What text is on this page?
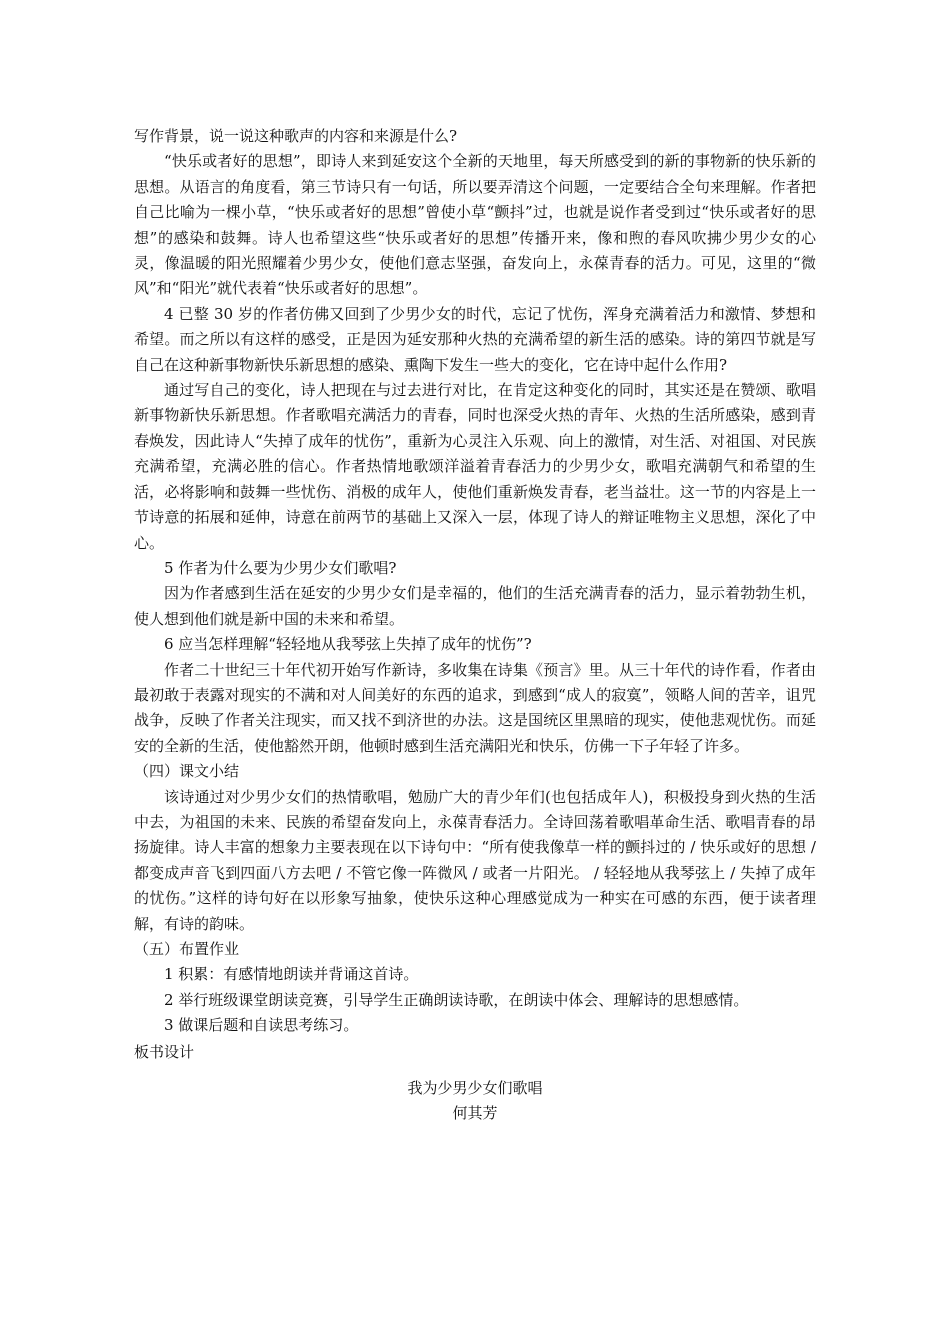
写作背景，说一说这种歌声的内容和来源是什么?

“快乐或者好的思想”，即诗人来到延安这个全新的天地里，每天所感受到的新的事物新的快乐新的思想。从语言的角度看，第三节诗只有一句话，所以要弄清这个问题，一定要结合全句来理解。作者把自己比喻为一棵小草，“快乐或者好的思想”曾使小草“颤抖”过，也就是说作者受到过“快乐或者好的思想”的感染和鼓舞。诗人也希望这些“快乐或者好的思想”传播开来，像和煦的春风吹拂少男少女的心灵，像温暖的阳光照耀着少男少女，使他们意志坚强，奋发向上，永葆青春的活力。可见，这里的“微风”和“阳光”就代表着“快乐或者好的思想”。

4 已整 30 岁的作者仿佛又回到了少男少女的时代，忘记了忧伤，浑身充满着活力和激情、梦想和希望。而之所以有这样的感受，正是因为延安那种火热的充满希望的新生活的感染。诗的第四节就是写自己在这种新事物新快乐新思想的感染、熏陶下发生一些大的变化，它在诗中起什么作用?

通过写自己的变化，诗人把现在与过去进行对比，在肯定这种变化的同时，其实还是在赞颂、歌唱新事物新快乐新思想。作者歌唱充满活力的青春，同时也深受火热的青年、火热的生活所感染，感到青春焕发，因此诗人“失掉了成年的忧伤”，重新为心灵注入乐观、向上的激情，对生活、对祖国、对民族充满希望，充满必胜的信心。作者热情地歌颂洋溢着青春活力的少男少女，歌唱充满朝气和希望的生活，必将影响和鼓舞一些忧伤、消极的成年人，使他们重新焕发青春，老当益壮。这一节的内容是上一节诗意的拓展和延伸，诗意在前两节的基础上又深入一层，体现了诗人的辩证唯物主义思想，深化了中心。

5 作者为什么要为少男少女们歌唱?

因为作者感到生活在延安的少男少女们是幸福的，他们的生活充满青春的活力，显示着勃勃生机，使人想到他们就是新中国的未来和希望。

6 应当怎样理解“轻轻地从我琴弦上失掉了成年的忧伤”?

作者二十世纪三十年代初开始写作新诗，多收集在诗集《预言》里。从三十年代的诗作看，作者由最初敢于表露对现实的不满和对人间美好的东西的追求，到感到“成人的寂寞”，领略人间的苦辛，诅咒战争，反映了作者关注现实，而又找不到济世的办法。这是国统区里黑暗的现实，使他悲观忧伤。而延安的全新的生活，使他豁然开朗，他顿时感到生活充满阳光和快乐，仿佛一下子年轻了许多。

（四）课文小结

该诗通过对少男少女们的热情歌唱，勉励广大的青少年们(也包括成年人)，积极投身到火热的生活中去，为祖国的未来、民族的希望奋发向上，永葆青春活力。全诗回荡着歌唱革命生活、歌唱青春的昂扬旋律。诗人丰富的想象力主要表现在以下诗句中：“所有使我像草一样的颤抖过的 / 快乐或好的思想 / 都变成声音飞到四面八方去吧 / 不管它像一阵微风 / 或者一片阳光。 / 轻轻地从我琴弦上 / 失掉了成年的忧伤。”这样的诗句好在以形象写抽象，使快乐这种心理感觉成为一种实在可感的东西，便于读者理解，有诗的韵味。

（五）布置作业

1 积累：有感情地朗读并背诵这首诗。

2 举行班级课堂朗读竞赛，引导学生正确朗读诗歌，在朗读中体会、理解诗的思想感情。

3 做课后题和自读思考练习。

板书设计

我为少男少女们歌唱

何其芳
